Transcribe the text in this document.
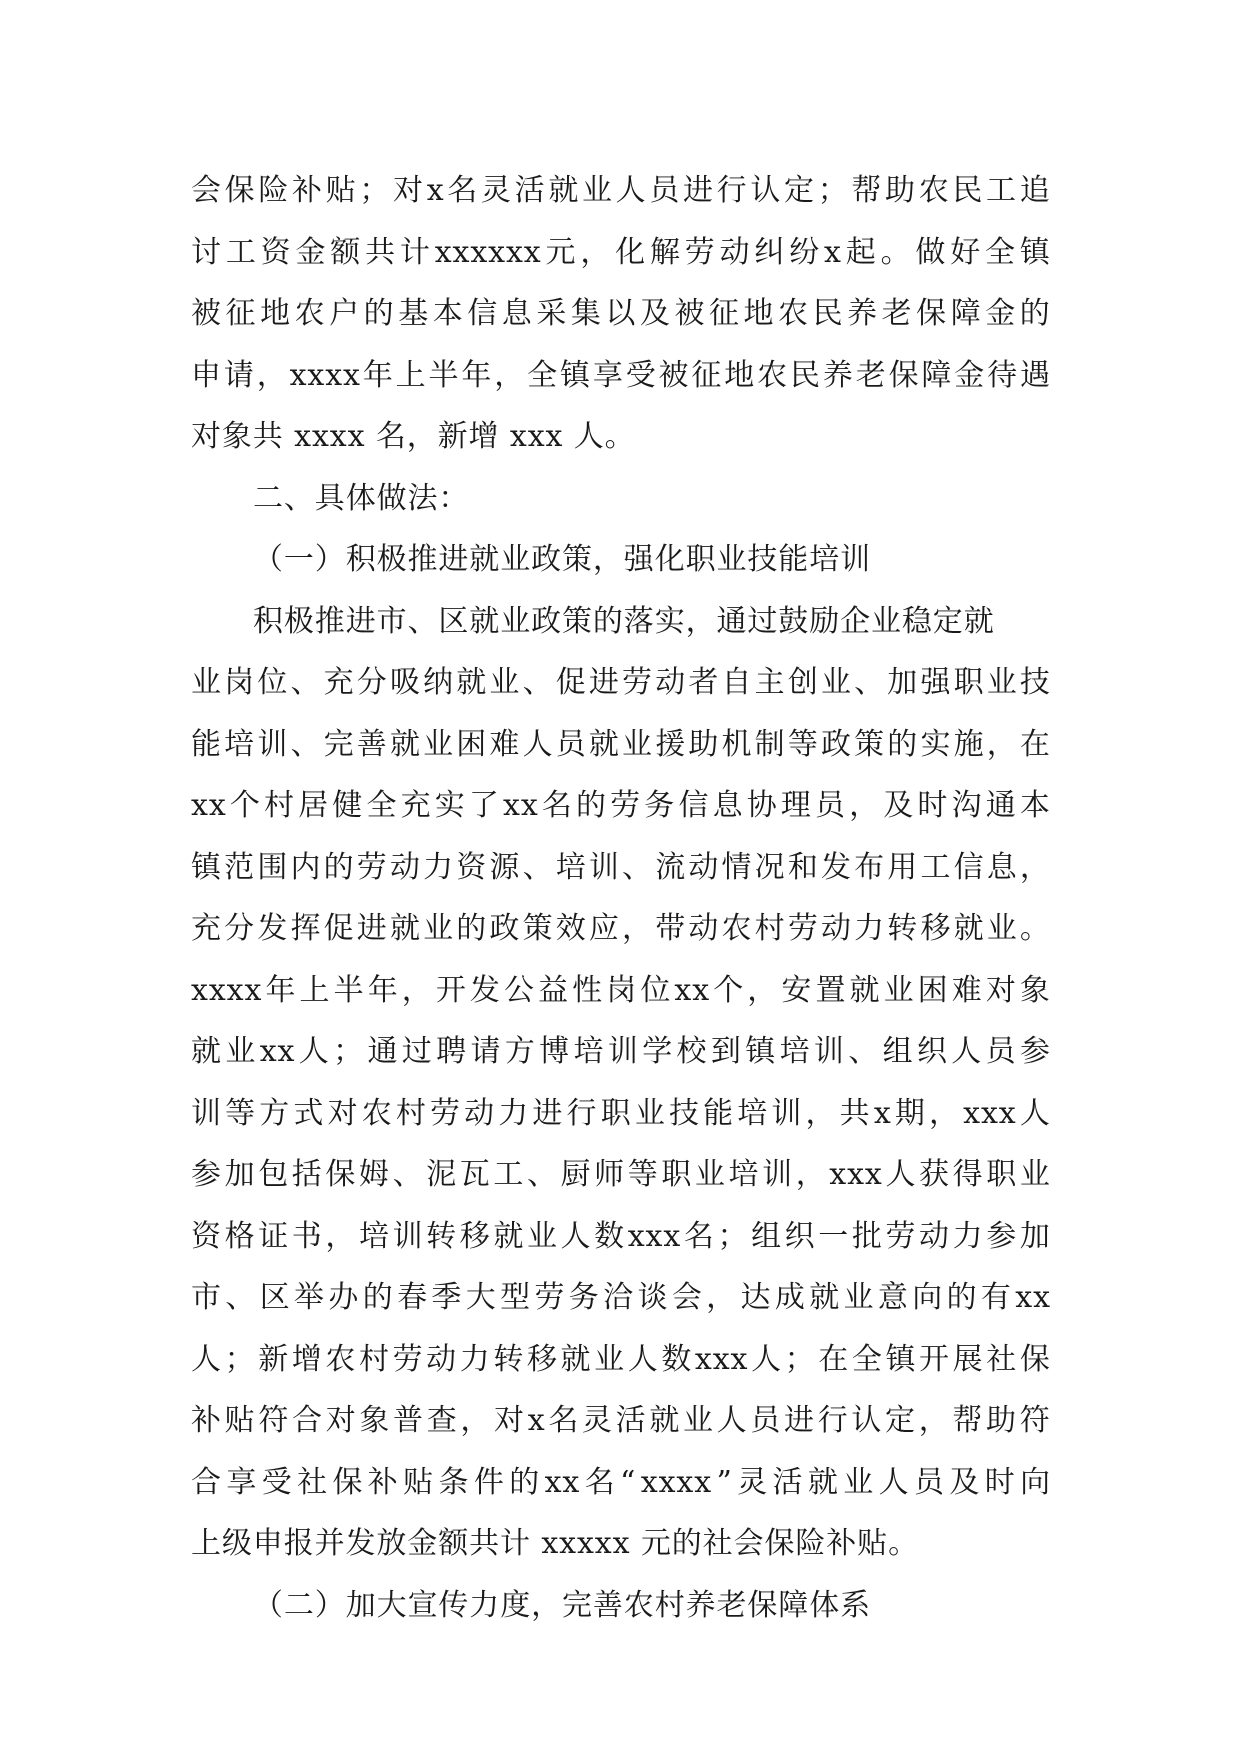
会 保 险 补 贴 ； 对 x 名 灵 活 就 业 人 员 进 行 认 定 ； 帮 助 农 民 工 追
讨 工 资 金 额 共 计 xxxxxx 元 ， 化 解 劳 动 纠 纷 x 起 。 做 好 全 镇
被 征 地 农 户 的 基 本 信 息 采 集 以 及 被 征 地 农 民 养 老 保 障 金 的
申 请 ， xxxx 年 上 半 年 ， 全 镇 享 受 被 征 地 农 民 养 老 保 障 金 待 遇
对象共 xxxx 名，新增 xxx 人。
二、具体做法：
（一）积极推进就业政策，强化职业技能培训
积极推进市、区就业政策的落实，通过鼓励企业稳定就
业 岗 位 、 充 分 吸 纳 就 业 、 促 进 劳 动 者 自 主 创 业 、 加 强 职 业 技
能 培 训 、 完 善 就 业 困 难 人 员 就 业 援 助 机 制 等 政 策 的 实 施 ， 在
xx 个 村 居 健 全 充 实 了 xx 名 的 劳 务 信 息 协 理 员 ， 及 时 沟 通 本
镇 范 围 内 的 劳 动 力 资 源 、 培 训 、 流 动 情 况 和 发 布 用 工 信 息 ，
充 分 发 挥 促 进 就 业 的 政 策 效 应 ， 带 动 农 村 劳 动 力 转 移 就 业 。
xxxx 年 上 半 年 ， 开 发 公 益 性 岗 位 xx 个 ， 安 置 就 业 困 难 对 象
就 业 xx 人 ； 通 过 聘 请 方 博 培 训 学 校 到 镇 培 训 、 组 织 人 员 参
训 等 方 式 对 农 村 劳 动 力 进 行 职 业 技 能 培 训 ， 共 x 期 ， xxx 人
参 加 包 括 保 姆 、 泥 瓦 工 、 厨 师 等 职 业 培 训 ， xxx 人 获 得 职 业
资 格 证 书 ， 培 训 转 移 就 业 人 数 xxx 名 ； 组 织 一 批 劳 动 力 参 加
市 、 区 举 办 的 春 季 大 型 劳 务 洽 谈 会 ， 达 成 就 业 意 向 的 有 xx
人 ； 新 增 农 村 劳 动 力 转 移 就 业 人 数 xxx 人 ； 在 全 镇 开 展 社 保
补 贴 符 合 对 象 普 查 ， 对 x 名 灵 活 就 业 人 员 进 行 认 定 ， 帮 助 符
合 享 受 社 保 补 贴 条 件 的 xx 名 “ xxxx ” 灵 活 就 业 人 员 及 时 向
上级申报并发放金额共计 xxxxx 元的社会保险补贴。
（二）加大宣传力度，完善农村养老保障体系
